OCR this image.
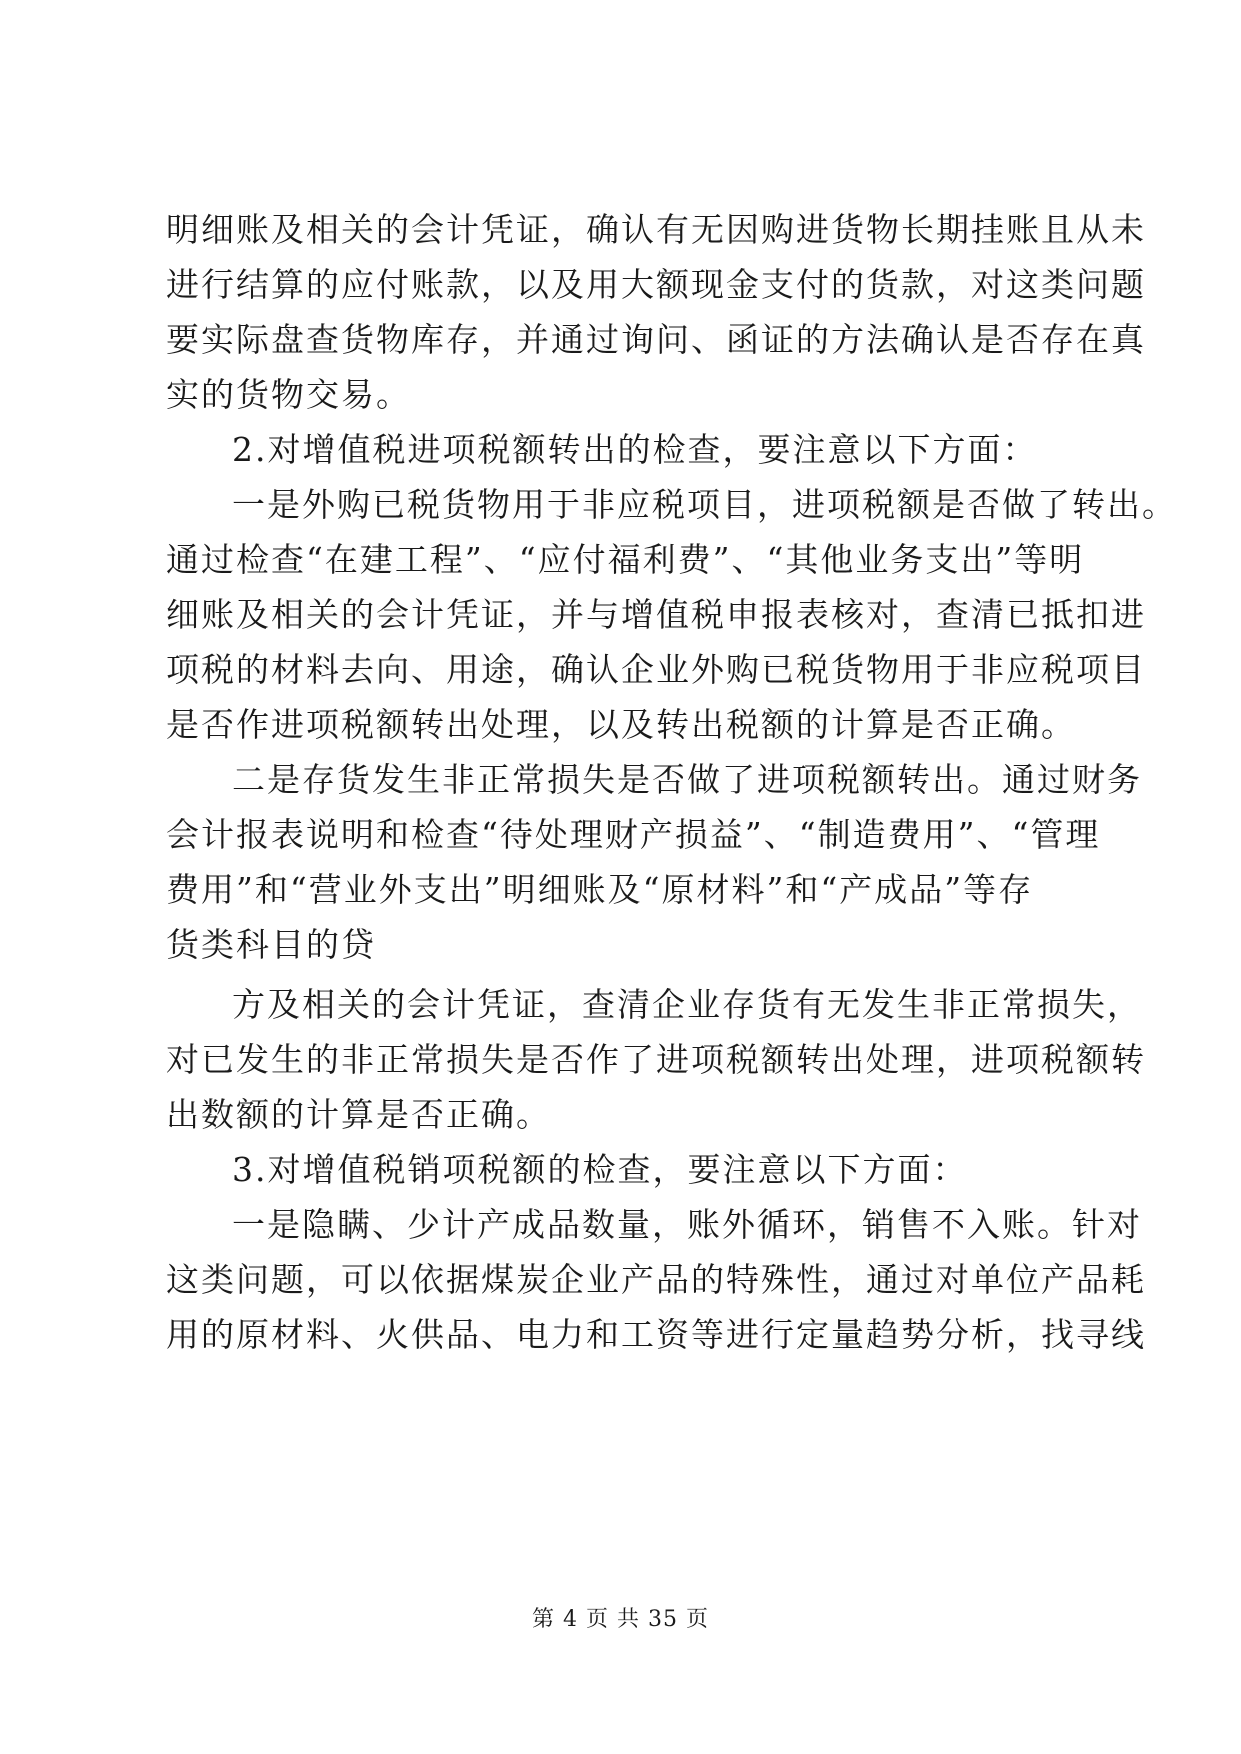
明细账及相关的会计凭证，确认有无因购进货物长期挂账且从未
进行结算的应付账款，以及用大额现金支付的货款，对这类问题
要实际盘查货物库存，并通过询问、函证的方法确认是否存在真
实的货物交易。
2.对增值税进项税额转出的检查，要注意以下方面：
一是外购已税货物用于非应税项目，进项税额是否做了转出。
通过检查“在建工程”、“应付福利费”、“其他业务支出”等明
细账及相关的会计凭证，并与增值税申报表核对，查清已抵扣进
项税的材料去向、用途，确认企业外购已税货物用于非应税项目
是否作进项税额转出处理，以及转出税额的计算是否正确。
二是存货发生非正常损失是否做了进项税额转出。通过财务
会计报表说明和检查“待处理财产损益”、“制造费用”、“管理
费用”和“营业外支出”明细账及“原材料”和“产成品”等存
货类科目的贷
方及相关的会计凭证，查清企业存货有无发生非正常损失，
对已发生的非正常损失是否作了进项税额转出处理，进项税额转
出数额的计算是否正确。
3.对增值税销项税额的检查，要注意以下方面：
一是隐瞒、少计产成品数量，账外循环，销售不入账。针对
这类问题，可以依据煤炭企业产品的特殊性，通过对单位产品耗
用的原材料、火供品、电力和工资等进行定量趋势分析，找寻线
第 4 页 共 35 页
